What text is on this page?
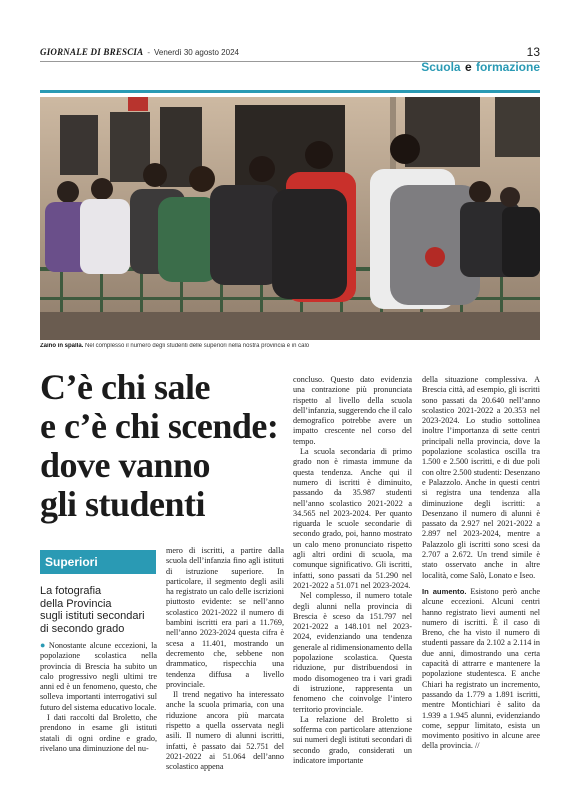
GIORNALE DI BRESCIA - Venerdì 30 agosto 2024	13
Scuola e formazione
Zaino in spalla. Nel complesso il numero degli studenti delle superiori nella nostra provincia è in calo
C’è chi sale
e c’è chi scende:
dove vanno
gli studenti
Superiori
La fotografia
della Provincia
sugli istituti secondari
di secondo grado

● Nonostante alcune eccezioni, la popolazione scolastica nella provincia di Brescia ha subito un calo progressivo negli ultimi tre anni ed è un fenomeno, questo, che solleva importanti interrogativi sul futuro del sistema educativo locale.

I dati raccolti dal Broletto, che prendono in esame gli istituti statali di ogni ordine e grado, rivelano una diminuzione del nu-

mero di iscritti, a partire dalla scuola dell’infanzia fino agli istituti di istruzione superiore. In particolare, il segmento degli asili ha registrato un calo delle iscrizioni piuttosto evidente: se nell’anno scolastico 2021-2022 il numero di bambini iscritti era pari a 11.769, nell’anno 2023-2024 questa cifra è scesa a 11.401, mostrando un decremento che, sebbene non drammatico, rispecchia una tendenza diffusa a livello provinciale.

Il trend negativo ha interessato anche la scuola primaria, con una riduzione ancora più marcata rispetto a quella osservata negli asili. Il numero di alunni iscritti, infatti, è passato dai 52.751 del 2021-2022 ai 51.064 dell’anno scolastico appena

concluso. Questo dato evidenzia una contrazione più pronunciata rispetto al livello della scuola dell’infanzia, suggerendo che il calo demografico potrebbe avere un impatto crescente nel corso del tempo.

La scuola secondaria di primo grado non è rimasta immune da questa tendenza. Anche qui il numero di iscritti è diminuito, passando da 35.987 studenti nell’anno scolastico 2021-2022 a 34.565 nel 2023-2024. Per quanto riguarda le scuole secondarie di secondo grado, poi, hanno mostrato un calo meno pronunciato rispetto agli altri ordini di scuola, ma comunque significativo. Gli iscritti, infatti, sono passati da 51.290 nel 2021-2022 a 51.071 nel 2023-2024.

Nel complesso, il numero totale degli alunni nella provincia di Brescia è sceso da 151.797 nel 2021-2022 a 148.101 nel 2023-2024, evidenziando una tendenza generale al ridimensionamento della popolazione scolastica. Questa riduzione, pur distribuendosi in modo disomogeneo tra i vari gradi di istruzione, rappresenta un fenomeno che coinvolge l’intero territorio provinciale.

La relazione del Broletto si sofferma con particolare attenzione sui numeri degli istituti secondari di secondo grado, considerati un indicatore importante

della situazione complessiva. A Brescia città, ad esempio, gli iscritti sono passati da 20.640 nell’anno scolastico 2021-2022 a 20.353 nel 2023-2024. Lo studio sottolinea inoltre l’importanza di sette centri principali nella provincia, dove la popolazione scolastica oscilla tra 1.500 e 2.500 iscritti, e di due poli con oltre 2.500 studenti: Desenzano e Palazzolo. Anche in questi centri si registra una tendenza alla diminuzione degli iscritti: a Desenzano il numero di alunni è passato da 2.927 nel 2021-2022 a 2.897 nel 2023-2024, mentre a Palazzolo gli iscritti sono scesi da 2.707 a 2.672. Un trend simile è stato osservato anche in altre località, come Salò, Lonato e Iseo.

In aumento. Esistono però anche alcune eccezioni. Alcuni centri hanno registrato lievi aumenti nel numero di iscritti. È il caso di Breno, che ha visto il numero di studenti passare da 2.102 a 2.114 in due anni, dimostrando una certa capacità di attrarre e mantenere la popolazione studentesca. E anche Chiari ha registrato un incremento, passando da 1.779 a 1.891 iscritti, mentre Montichiari è salito da 1.939 a 1.945 alunni, evidenziando come, seppur limitato, esista un movimento positivo in alcune aree della provincia. //
